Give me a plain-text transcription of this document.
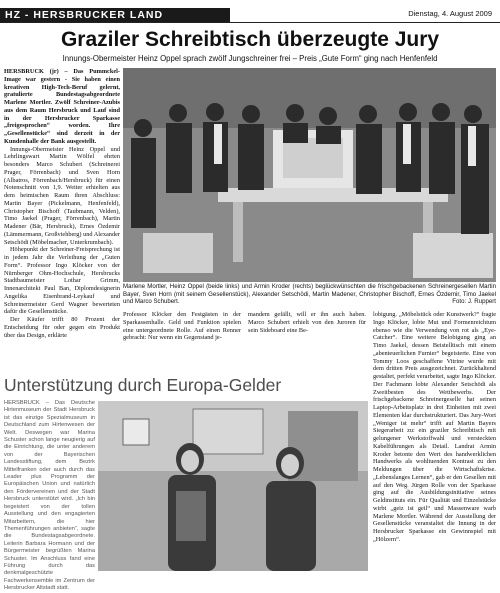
HZ - HERSBRUCKER LAND	Dienstag, 4. August 2009
Graziler Schreibtisch überzeugte Jury
Innungs-Obermeister Heinz Oppel sprach zwölf Jungschreiner frei – Preis „Gute Form“ ging nach Henfenfeld

HERSBRUCK (jr) – Das Pummckel-Image war gestern - Sie haben einen kreativen High-Tech-Beruf gelernt, gratulierte Bundestagsabgeordnete Marlene Mortler. Zwölf Schreiner-Azubis aus dem Raum Hersbruck und Lauf sind in der Hersbrucker Sparkasse „freigesprochen“ worden. Ihre „Gesellenstücke“ sind derzeit in der Kundenhalle der Bank ausgestellt.

Innungs-Obermeister Heinz Oppel und Lehrlingswart Martin Wölfel ehrten besonders Marco Schubert (Schreinerei Prager, Förrenbach) und Sven Horn (Albatros, Förrenbach/Hersbruck) für einen Notenschnitt von 1,9. Weiter erhielten aus dem heimischen Raum ihren Abschluss: Martin Bayer (Pickelmann, Henfenfeld), Christopher Bischoff (Taubmann, Velden), Timo Jaekel (Prager, Förrenbach), Martin Madener (Bär, Hersbruck), Ernes Özdemir (Lämmermann, Großviehberg) und Alexander Setschödi (Möbelmacher, Unterkrumbach).

Höhepunkt der Schreiner-Freisprechung ist in jedem Jahr die Verleihung der „Guten Form“. Professor Ingo Klöcker von der Nürnberger Ohm-Hochschule, Hersbrucks Stadtbaumeister Lothar Grimm, Innenarchitekt Paul Ban, Diplomdesignerin Angelika Eisenbrand-Leykauf und Schreinermeister Gerd Wagner bewerteten dafür die Gesellenstücke.

Der Käufer trifft 80 Prozent der Entscheidung für oder gegen ein Produkt über das Design, erklärte

Marlene Mortler, Heinz Oppel (beide links) und Armin Kroder (rechts) beglückwünschten die frischgebackenen Schreinergesellen Martin Bayer, Sven Horn (mit seinem Gesellenstück), Alexander Setschödi, Martin Madener, Christopher Bischoff, Ernes Özdemir, Timo Jaekel und Marco Schubert.	Foto: J. Ruppert

Professor Klöcker den Festgästen in der Sparkassenhalle. Geld und Funktion spielen eine untergeordnete Rolle. Auf einen Renner gebracht: Nur wenn ein Gegenstand je-

mandem gefällt, will er ihn auch haben. Marco Schubert erhielt von den Juroren für sein Sideboard eine Be-

lobigung. „Möbelstück oder Kunstwerk?“ fragte Ingo Klöcker, lobte Mut und Formenreichtum ebenso wie die Verwendung von rot als „Eye-Catcher“. Eine weitere Belobigung ging an Timo Jaekel, dessen Beistelltisch mit einem „abenteuerlichen Furnier“ begeisterte. Eine von Tommy Loos geschaffene Vitrine wurde mit dem dritten Preis ausgezeichnet. Zurückhaltend gestaltet, perfekt verarbeitet, sagte Ingo Klöcker. Der Fachmann lobte Alexander Setschödi als Zweitbesten des Wettbewerbs. Der frischgebackene Schreinergeselle hat seinen Laptop-Arbeitsplatz in drei Einheiten mit zwei Elementen klar durchstrukturiert. Das Jury-Wort „Weniger ist mehr“ trifft auf Martin Bayers Siegerarbeit zu: ein graziler Schreibtisch mit gelungener Werkstoffwahl und versteckten Kabelführungen als Detail. Landrat Armin Kroder betonte den Wert des handwerklichen Handwerks als wohltuenden Kontrast zu den Meldungen über die Wirtschaftskrise. „Lebenslanges Lernen“, gab er den Gesellen mit auf den Weg. Jürgen Rolle von der Sparkasse ging auf die Ausbildungsinitiative seines Geldinstituts ein. Für Qualität und Einzelstücke wirbt „geiz ist geil“ und Massenware warb Marlene Mortler. Während der Ausstellung der Gesellenstücke veranstaltet die Innung in der Hersbrucker Sparkasse ein Gewinnspiel mit „Hölzern“.

Unterstützung durch Europa-Gelder

HERSBRUCK – Das Deutsche Hirtenmuseum der Stadt Hersbruck ist das einzige Spezialmuseum in Deutschland zum Hirtenwesen der Welt. Deswegen war Marina Schuster schon lange neugierig auf die Einrichtung, die unter anderem von der Bayerischen Landesstiftung, dem Bezirk Mittelfranken oder auch durch das Leader plus Programm der Europäischen Union und natürlich den Fördervereinen und der Stadt Hersbruck unterstützt wird. „Ich bin begeistert von der tollen Ausstellung und den engagierten Mitarbeitern, die hier Themenführungen anbieten“, sagte die Bundestagsabgeordnete. Leiterin Barbara Hormann und der Bürgermeister begrüßten Marina Schuster. Im Anschluss fand eine Führung durch das denkmalgeschützte Fachwerkensemble im Zentrum der Hersbrucker Altstadt statt.
